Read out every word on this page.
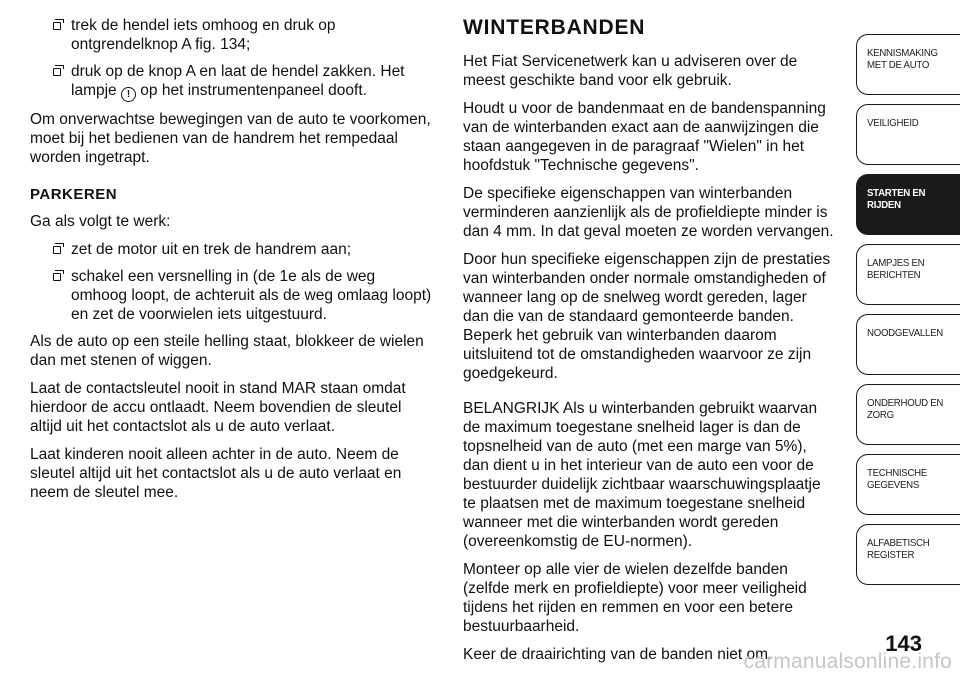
trek de hendel iets omhoog en druk op ontgrendelknop A fig. 134;
druk op de knop A en laat de hendel zakken. Het lampje ! op het instrumentenpaneel dooft.

Om onverwachtse bewegingen van de auto te voorkomen, moet bij het bedienen van de handrem het rempedaal worden ingetrapt.

PARKEREN

Ga als volgt te werk:

zet de motor uit en trek de handrem aan;
schakel een versnelling in (de 1e als de weg omhoog loopt, de achteruit als de weg omlaag loopt) en zet de voorwielen iets uitgestuurd.

Als de auto op een steile helling staat, blokkeer de wielen dan met stenen of wiggen.

Laat de contactsleutel nooit in stand MAR staan omdat hierdoor de accu ontlaadt. Neem bovendien de sleutel altijd uit het contactslot als u de auto verlaat.

Laat kinderen nooit alleen achter in de auto. Neem de sleutel altijd uit het contactslot als u de auto verlaat en neem de sleutel mee.

WINTERBANDEN

Het Fiat Servicenetwerk kan u adviseren over de meest geschikte band voor elk gebruik.

Houdt u voor de bandenmaat en de bandenspanning van de winterbanden exact aan de aanwijzingen die staan aangegeven in de paragraaf "Wielen" in het hoofdstuk "Technische gegevens".

De specifieke eigenschappen van winterbanden verminderen aanzienlijk als de profieldiepte minder is dan 4 mm. In dat geval moeten ze worden vervangen.

Door hun specifieke eigenschappen zijn de prestaties van winterbanden onder normale omstandigheden of wanneer lang op de snelweg wordt gereden, lager dan die van de standaard gemonteerde banden. Beperk het gebruik van winterbanden daarom uitsluitend tot de omstandigheden waarvoor ze zijn goedgekeurd.

BELANGRIJK Als u winterbanden gebruikt waarvan de maximum toegestane snelheid lager is dan de topsnelheid van de auto (met een marge van 5%), dan dient u in het interieur van de auto een voor de bestuurder duidelijk zichtbaar waarschuwingsplaatje te plaatsen met de maximum toegestane snelheid wanneer met die winterbanden wordt gereden (overeenkomstig de EU-normen).

Monteer op alle vier de wielen dezelfde banden (zelfde merk en profieldiepte) voor meer veiligheid tijdens het rijden en remmen en voor een betere bestuurbaarheid.

Keer de draairichting van de banden niet om.

KENNISMAKING
MET DE AUTO
VEILIGHEID
STARTEN EN
RIJDEN
LAMPJES EN
BERICHTEN
NOODGEVALLEN
ONDERHOUD EN
ZORG
TECHNISCHE
GEGEVENS
ALFABETISCH
REGISTER
143
carmanualsonline.info
